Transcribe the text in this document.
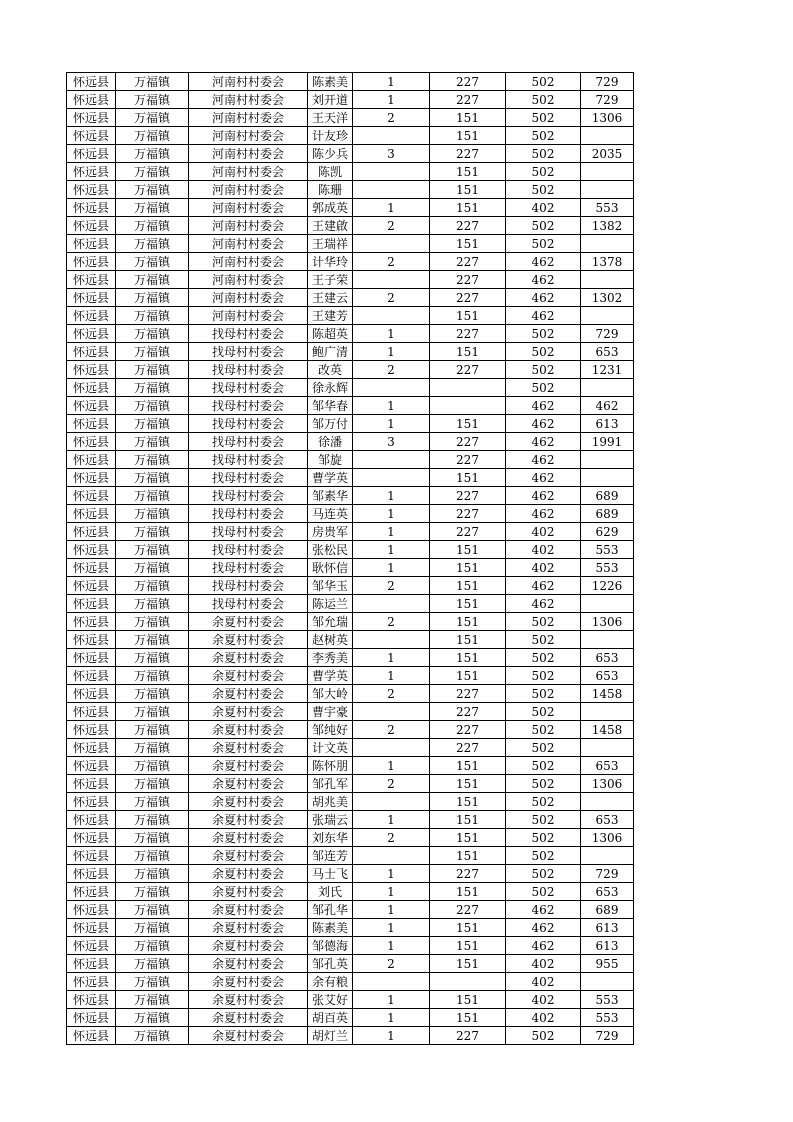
怀远县	万福镇	河南村村委会	陈素美	1	227	502	729
怀远县	万福镇	河南村村委会	刘开道	1	227	502	729
怀远县	万福镇	河南村村委会	王天洋	2	151	502	1306
怀远县	万福镇	河南村村委会	计友珍		151	502	
怀远县	万福镇	河南村村委会	陈少兵	3	227	502	2035
怀远县	万福镇	河南村村委会	陈凯		151	502	
怀远县	万福镇	河南村村委会	陈珊		151	502	
怀远县	万福镇	河南村村委会	郭成英	1	151	402	553
怀远县	万福镇	河南村村委会	王建啟	2	227	502	1382
怀远县	万福镇	河南村村委会	王瑞祥		151	502	
怀远县	万福镇	河南村村委会	计华玲	2	227	462	1378
怀远县	万福镇	河南村村委会	王子荣		227	462	
怀远县	万福镇	河南村村委会	王建云	2	227	462	1302
怀远县	万福镇	河南村村委会	王建芳		151	462	
怀远县	万福镇	找母村村委会	陈超英	1	227	502	729
怀远县	万福镇	找母村村委会	鲍广清	1	151	502	653
怀远县	万福镇	找母村村委会	改英	2	227	502	1231
怀远县	万福镇	找母村村委会	徐永辉			502	
怀远县	万福镇	找母村村委会	邹华春	1		462	462
怀远县	万福镇	找母村村委会	邹万付	1	151	462	613
怀远县	万福镇	找母村村委会	徐潘	3	227	462	1991
怀远县	万福镇	找母村村委会	邹旋		227	462	
怀远县	万福镇	找母村村委会	曹学英		151	462	
怀远县	万福镇	找母村村委会	邹素华	1	227	462	689
怀远县	万福镇	找母村村委会	马连英	1	227	462	689
怀远县	万福镇	找母村村委会	房贵军	1	227	402	629
怀远县	万福镇	找母村村委会	张松民	1	151	402	553
怀远县	万福镇	找母村村委会	耿怀信	1	151	402	553
怀远县	万福镇	找母村村委会	邹华玉	2	151	462	1226
怀远县	万福镇	找母村村委会	陈运兰		151	462	
怀远县	万福镇	余夏村村委会	邹允瑞	2	151	502	1306
怀远县	万福镇	余夏村村委会	赵树英		151	502	
怀远县	万福镇	余夏村村委会	李秀美	1	151	502	653
怀远县	万福镇	余夏村村委会	曹学英	1	151	502	653
怀远县	万福镇	余夏村村委会	邹大岭	2	227	502	1458
怀远县	万福镇	余夏村村委会	曹宇豪		227	502	
怀远县	万福镇	余夏村村委会	邹纯好	2	227	502	1458
怀远县	万福镇	余夏村村委会	计文英		227	502	
怀远县	万福镇	余夏村村委会	陈怀朋	1	151	502	653
怀远县	万福镇	余夏村村委会	邹孔军	2	151	502	1306
怀远县	万福镇	余夏村村委会	胡兆美		151	502	
怀远县	万福镇	余夏村村委会	张瑞云	1	151	502	653
怀远县	万福镇	余夏村村委会	刘东华	2	151	502	1306
怀远县	万福镇	余夏村村委会	邹连芳		151	502	
怀远县	万福镇	余夏村村委会	马士飞	1	227	502	729
怀远县	万福镇	余夏村村委会	刘氏	1	151	502	653
怀远县	万福镇	余夏村村委会	邹孔华	1	227	462	689
怀远县	万福镇	余夏村村委会	陈素美	1	151	462	613
怀远县	万福镇	余夏村村委会	邹德海	1	151	462	613
怀远县	万福镇	余夏村村委会	邹孔英	2	151	402	955
怀远县	万福镇	余夏村村委会	余有粮			402	
怀远县	万福镇	余夏村村委会	张艾好	1	151	402	553
怀远县	万福镇	余夏村村委会	胡百英	1	151	402	553
怀远县	万福镇	余夏村村委会	胡灯兰	1	227	502	729
